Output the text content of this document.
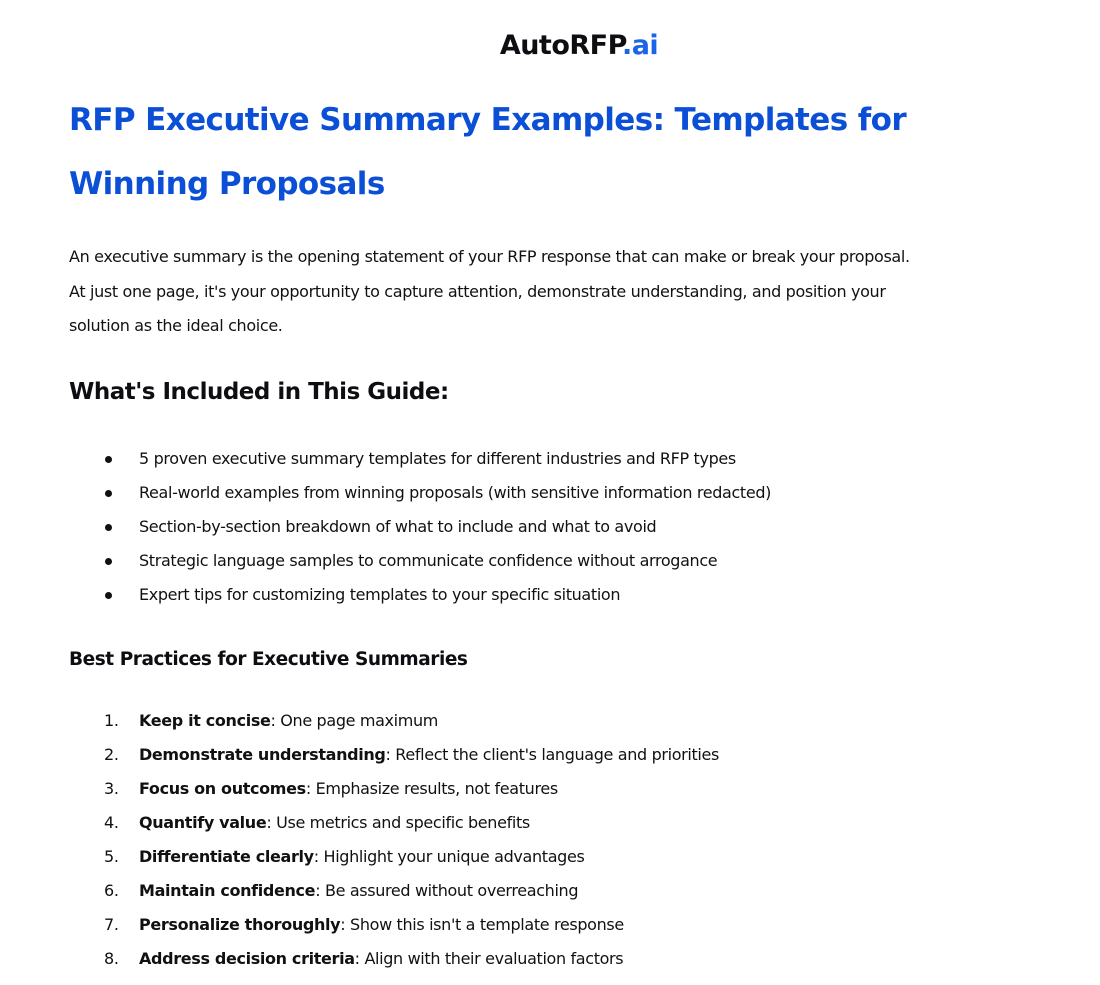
AutoRFP.ai
RFP Executive Summary Examples: Templates for Winning Proposals

An executive summary is the opening statement of your RFP response that can make or break your proposal.
At just one page, it's your opportunity to capture attention, demonstrate understanding, and position your
solution as the ideal choice.

What's Included in This Guide:
5 proven executive summary templates for different industries and RFP types
Real-world examples from winning proposals (with sensitive information redacted)
Section-by-section breakdown of what to include and what to avoid
Strategic language samples to communicate confidence without arrogance
Expert tips for customizing templates to your specific situation
Best Practices for Executive Summaries
1. Keep it concise: One page maximum
2. Demonstrate understanding: Reflect the client's language and priorities
3. Focus on outcomes: Emphasize results, not features
4. Quantify value: Use metrics and specific benefits
5. Differentiate clearly: Highlight your unique advantages
6. Maintain confidence: Be assured without overreaching
7. Personalize thoroughly: Show this isn't a template response
8. Address decision criteria: Align with their evaluation factors
